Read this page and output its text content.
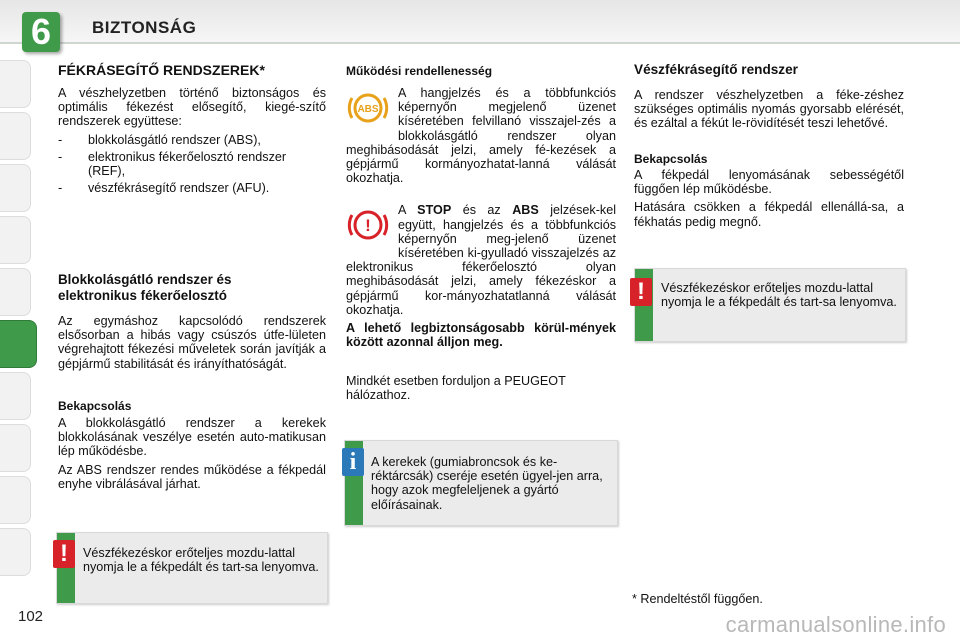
6	BIZTONSÁG
FÉKRÁSEGÍTŐ RENDSZEREK*

A vészhelyzetben történő biztonságos és optimális fékezést elősegítő, kiegé-szítő rendszerek együttese:

- blokkolásgátló rendszer (ABS),
- elektronikus fékerőelosztó rendszer (REF),
- vészfékrásegítő rendszer (AFU).
Blokkolásgátló rendszer és
elektronikus fékerőelosztó

Az egymáshoz kapcsolódó rendszerek elsősorban a hibás vagy csúszós útfe-lületen végrehajtott fékezési műveletek során javítják a gépjármű stabilitását és irányíthatóságát.

Bekapcsolás

A blokkolásgátló rendszer a kerekek blokkolásának veszélye esetén auto-matikusan lép működésbe.

Az ABS rendszer rendes működése a fékpedál enyhe vibrálásával járhat.

Vészfékezéskor erőteljes mozdu-lattal nyomja le a fékpedált és tart-sa lenyomva.
!
Működési rendellenesség

ABS
A hangjelzés és a többfunkciós képernyőn megjelenő üzenet kíséretében felvillanó visszajel-zés a blokkolásgátló rendszer olyan meghibásodását jelzi, amely fé-kezések a gépjármű kormányozhatat-lanná válását okozhatja.

!
A STOP és az ABS jelzések-kel együtt, hangjelzés és a többfunkciós képernyőn meg-jelenő üzenet kíséretében ki-gyulladó visszajelzés az elektronikus fékerőelosztó olyan meghibásodását jelzi, amely fékezéskor a gépjármű kor-mányozhatatlanná válását okozhatja.

A lehető legbiztonságosabb körül-mények között azonnal álljon meg.

Mindkét esetben forduljon a PEUGEOT hálózathoz.

A kerekek (gumiabroncsok és ke-réktárcsák) cseréje esetén ügyel-jen arra, hogy azok megfeleljenek a gyártó előírásainak.
i
Vészfékrásegítő rendszer

A rendszer vészhelyzetben a féke-zéshez szükséges optimális nyomás gyorsabb elérését, és ezáltal a fékút le-rövidítését teszi lehetővé.

Bekapcsolás

A fékpedál lenyomásának sebességétől függően lép működésbe.

Hatására csökken a fékpedál ellenállá-sa, a fékhatás pedig megnő.

Vészfékezéskor erőteljes mozdu-lattal nyomja le a fékpedált és tart-sa lenyomva.
!
* Rendeltéstől függően.
102	carmanualsonline.info
